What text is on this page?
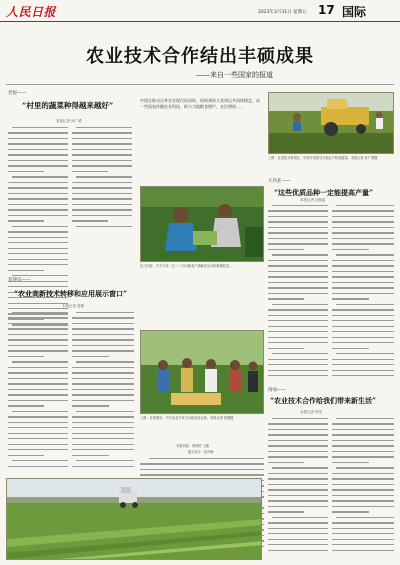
人民日报	2023年3月31日 星期五 17 国际
农业技术合作结出丰硕成果
——来自一些国家的报道
老挝——
“村里的蔬菜种得越来越好”
本报记者 孙广勇
中国在推动自身农业现代化同时，始终秉持人类命运共同体理念，向一些国家传播农业科技，助力当地粮食增产、农民增收……
上图：在老挝万象郊区，中国专家指导当地农户收获蔬菜。本报记者 孙广勇摄
在几内亚，中方专家（右一）向当地农户讲解杂交水稻种植技术。
几内亚——
“这些优质品种一定能提高产量”
本报记者 沈晓雷
菲律宾——
“农业高新技术转移和应用展示窗口”
本报记者 曾静
上图：在菲律宾，中方农业专家与当地农民合影。本报记者 曾静摄
本版责编：胡博婷 王鹏
版式设计：张丹峰
汤加——
“农业技术合作给我们带来新生活”
本报记者 邢雪
